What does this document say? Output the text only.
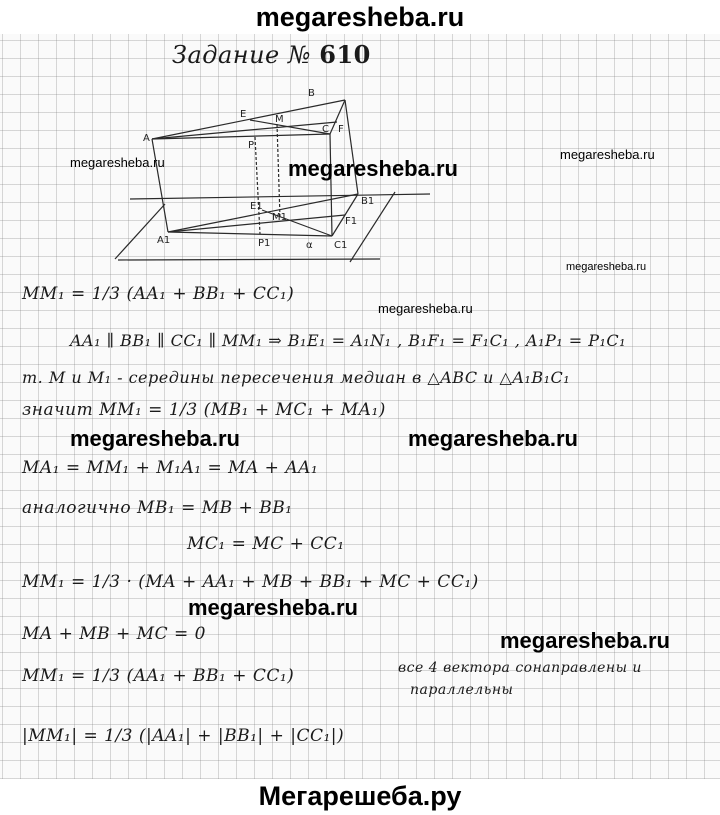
megaresheba.ru
Задание № 610
A
B
C
E	M
F
P
A1
B1
C1
E1
M1	F1
P1	α
MM₁ = 1/3 (AA₁ + BB₁ + CC₁)
AA₁ ∥ BB₁ ∥ CC₁ ∥ MM₁ ⇒ B₁E₁ = A₁N₁ , B₁F₁ = F₁C₁ , A₁P₁ = P₁C₁
т. M и M₁ - середины пересечения медиан в △ABC и △A₁B₁C₁
значит MM₁ = 1/3 (MB₁ + MC₁ + MA₁)
MA₁ = MM₁ + M₁A₁ = MA + AA₁
аналогично MB₁ = MB + BB₁
MC₁ = MC + CC₁
MM₁ = 1/3 · (MA + AA₁ + MB + BB₁ + MC + CC₁)
MA + MB + MC = 0
MM₁ = 1/3 (AA₁ + BB₁ + CC₁)	все 4 вектора сонаправлены и
параллельны
|MM₁| = 1/3 (|AA₁| + |BB₁| + |CC₁|)
megaresheba.ru
megaresheba.ru
megaresheba.ru
megaresheba.ru
megaresheba.ru
megaresheba.ru	megaresheba.ru
megaresheba.ru
megaresheba.ru
Мегарешеба.ру
